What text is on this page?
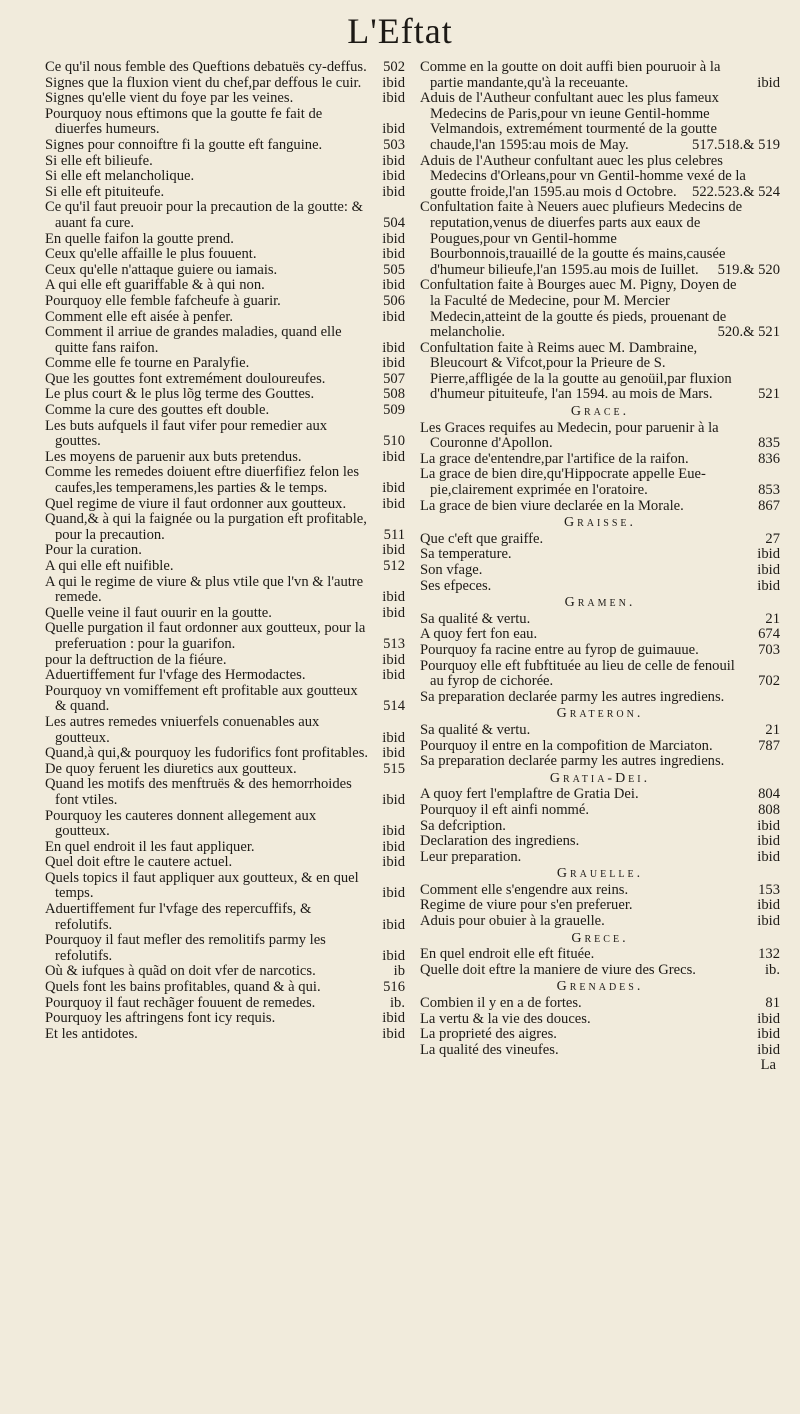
L'Eftat
Ce qu'il nous femble des Queftions debatuës cy-deffus. 502
Signes que la fluxion vient du chef,par deffous le cuir. ibid
Signes qu'elle vient du foye par les veines.	ibid
Pourquoy nous eftimons que la goutte fe fait de diuerfes humeurs.	ibid
Signes pour connoiftre fi la goutte eft fanguine.	503
Si elle eft bilieufe.	ibid
Si elle eft melancholique.	ibid
Si elle eft pituiteufe.	ibid
Ce qu'il faut preuoir pour la precaution de la goutte: & auant fa cure.	504
En quelle faifon la goutte prend.	ibid
Ceux qu'elle affaille le plus fouuent.	ibid
Ceux qu'elle n'attaque guiere ou iamais.	505
A qui elle eft guariffable & à qui non.	ibid
Pourquoy elle femble fafcheufe à guarir.	506
Comment elle eft aisée à penfer.	ibid
Comment il arriue de grandes maladies, quand elle quitte fans raifon.	ibid
Comme elle fe tourne en Paralyfie.	ibid
Que les gouttes font extremément douloureufes.	507
Le plus court & le plus lõg terme des Gouttes.	508
Comme la cure des gouttes eft double.	509
Les buts aufquels il faut vifer pour remedier aux gouttes.	510
Les moyens de paruenir aux buts pretendus.	ibid
Comme les remedes doiuent eftre diuerfifiez felon les caufes,les temperamens,les parties & le temps.	ibid
Quel regime de viure il faut ordonner aux goutteux. ibid
Quand,& à qui la faignée ou la purgation eft profitable, pour la precaution.	511
Pour la curation.	ibid
A qui elle eft nuifible.	512
A qui le regime de viure & plus vtile que l'vn & l'autre remede.	ibid
Quelle veine il faut ouurir en la goutte.	ibid
Quelle purgation il faut ordonner aux goutteux, pour la preferuation : pour la guarifon.	513
pour la deftruction de la fiéure.	ibid
Aduertiffement fur l'vfage des Hermodactes.	ibid
Pourquoy vn vomiffement eft profitable aux goutteux & quand.	514
Les autres remedes vniuerfels conuenables aux goutteux.	ibid
Quand,à qui,& pourquoy les fudorifics font profitables. ibid
De quoy feruent les diuretics aux goutteux.	515
Quand les motifs des menftruës & des hemorrhoides font vtiles.	ibid
Pourquoy les cauteres donnent allegement aux goutteux.	ibid
En quel endroit il les faut appliquer.	ibid
Quel doit eftre le cautere actuel.	ibid
Quels topics il faut appliquer aux goutteux, & en quel temps.	ibid
Aduertiffement fur l'vfage des repercuffifs, & refolutifs.	ibid
Pourquoy il faut mefler des remolitifs parmy les refolutifs.	ibid
Où & iufques à quãd on doit vfer de narcotics.	ib
Quels font les bains profitables, quand & à qui.	516
Pourquoy il faut rechãger fouuent de remedes.	ib.
Pourquoy les aftringens font icy requis.	ibid
Et les antidotes.	ibid
Comme en la goutte on doit auffi bien pouruoir à la partie mandante,qu'à la receuante.	ibid
Aduis de l'Autheur confultant auec les plus fameux Medecins de Paris,pour vn ieune Gentil-homme Velmandois, extremément tourmenté de la goutte chaude,l'an 1595:au mois de May.	517.518.& 519
Aduis de l'Autheur confultant auec les plus celebres Medecins d'Orleans,pour vn Gentil-homme vexé de la goutte froide,l'an 1595.au mois d Octobre. 522.523.& 524
Confultation faite à Neuers auec plufieurs Medecins de reputation,venus de diuerfes parts aux eaux de Pougues,pour vn Gentil-homme Bourbonnois,trauaillé de la goutte és mains,causée d'humeur bilieufe,l'an 1595.au mois de Iuillet. 519.& 520
Confultation faite à Bourges auec M. Pigny, Doyen de la Faculté de Medecine, pour M. Mercier Medecin,atteint de la goutte és pieds, prouenant de melancholie.	520.& 521
Confultation faite à Reims auec M. Dambraine, Bleucourt & Vifcot,pour la Prieure de S. Pierre,affligée de la la goutte au genoüil,par fluxion d'humeur pituiteufe, l'an 1594. au mois de Mars.	521
Grace.
Les Graces requifes au Medecin, pour paruenir à la Couronne d'Apollon.	835
La grace de'entendre,par l'artifice de la raifon.	836
La grace de bien dire,qu'Hippocrate appelle Eue-pie,clairement exprimée en l'oratoire.	853
La grace de bien viure declarée en la Morale.	867
Graisse.
Que c'eft que graiffe.	27
Sa temperature.	ibid
Son vfage.	ibid
Ses efpeces.	ibid
Gramen.
Sa qualité & vertu.	21
A quoy fert fon eau.	674
Pourquoy fa racine entre au fyrop de guimauue.	703
Pourquoy elle eft fubftituée au lieu de celle de fenouil au fyrop de cichorée.	702
Sa preparation declarée parmy les autres ingrediens.
Grateron.
Sa qualité & vertu.	21
Pourquoy il entre en la compofition de Marciaton.	787
Sa preparation declarée parmy les autres ingrediens.
Gratia-Dei.
A quoy fert l'emplaftre de Gratia Dei.	804
Pourquoy il eft ainfi nommé.	808
Sa defcription.	ibid
Declaration des ingrediens.	ibid
Leur preparation.	ibid
Grauelle.
Comment elle s'engendre aux reins.	153
Regime de viure pour s'en preferuer.	ibid
Aduis pour obuier à la grauelle.	ibid
Grece.
En quel endroit elle eft fituée.	132
Quelle doit eftre la maniere de viure des Grecs.	ib.
Grenades.
Combien il y en a de fortes.	81
La vertu & la vie des douces.	ibid
La proprieté des aigres.	ibid
La qualité des vineufes.	ibid
La
